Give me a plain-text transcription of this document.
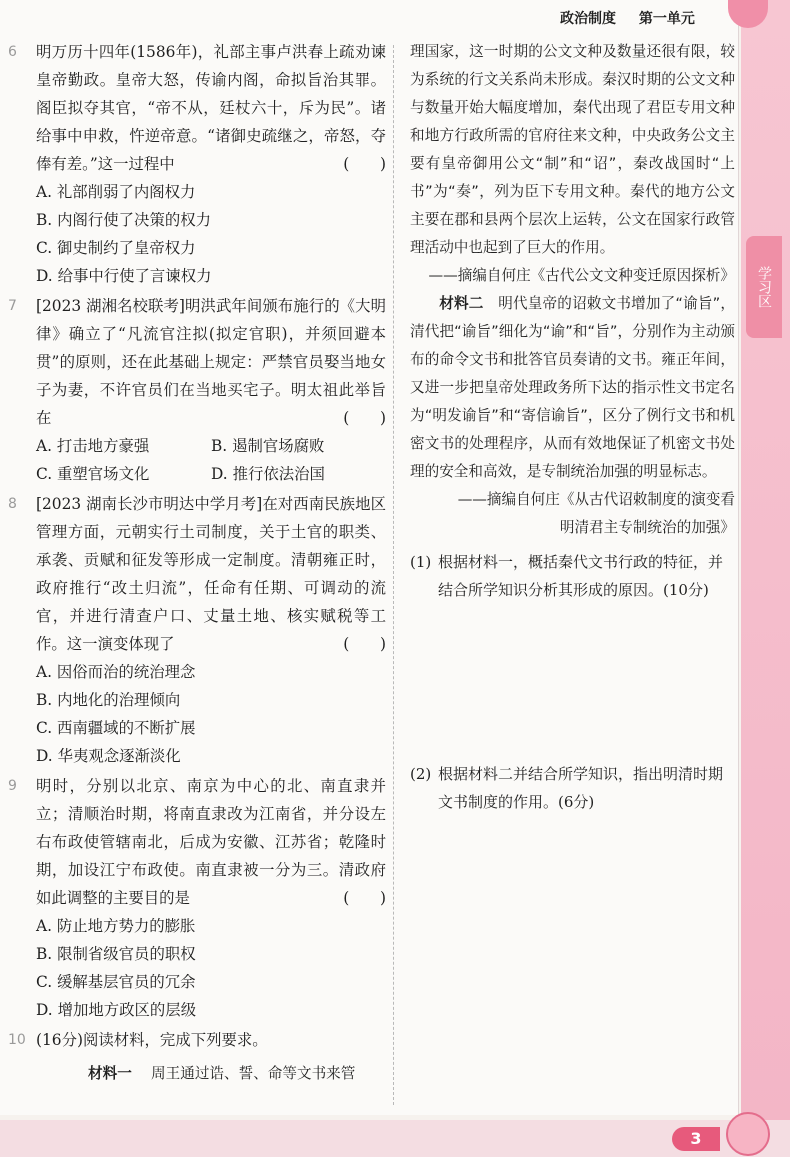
政治制度 第一单元
6 明万历十四年(1586年)，礼部主事卢洪春上疏劝谏皇帝勤政。皇帝大怒，传谕内阁，命拟旨治其罪。阁臣拟夺其官，“帝不从，廷杖六十，斥为民”。诸给事中申救，忤逆帝意。“诸御史疏继之，帝怒，夺俸有差。”这一过程中	(　　)
A. 礼部削弱了内阁权力
B. 内阁行使了决策的权力
C. 御史制约了皇帝权力
D. 给事中行使了言谏权力
7 [2023 湖湘名校联考]明洪武年间颁布施行的《大明律》确立了“凡流官注拟(拟定官职)，并须回避本贯”的原则，还在此基础上规定：严禁官员娶当地女子为妻，不许官员们在当地买宅子。明太祖此举旨在	(　　)
A. 打击地方豪强	B. 遏制官场腐败
C. 重塑官场文化	D. 推行依法治国
8 [2023 湖南长沙市明达中学月考]在对西南民族地区管理方面，元朝实行土司制度，关于土官的职类、承袭、贡赋和征发等形成一定制度。清朝雍正时，政府推行“改土归流”，任命有任期、可调动的流官，并进行清查户口、丈量土地、核实赋税等工作。这一演变体现了	(　　)
A. 因俗而治的统治理念
B. 内地化的治理倾向
C. 西南疆域的不断扩展
D. 华夷观念逐渐淡化
9 明时，分别以北京、南京为中心的北、南直隶并立；清顺治时期，将南直隶改为江南省，并分设左右布政使管辖南北，后成为安徽、江苏省；乾隆时期，加设江宁布政使。南直隶被一分为三。清政府如此调整的主要目的是	(　　)
A. 防止地方势力的膨胀
B. 限制省级官员的职权
C. 缓解基层官员的冗余
D. 增加地方政区的层级
10 (16分)阅读材料，完成下列要求。
材料一　 周王通过诰、誓、命等文书来管
理国家，这一时期的公文文种及数量还很有限，较为系统的行文关系尚未形成。秦汉时期的公文文种与数量开始大幅度增加，秦代出现了君臣专用文种和地方行政所需的官府往来文种，中央政务公文主要有皇帝御用公文“制”和“诏”，秦改战国时“上书”为“奏”，列为臣下专用文种。秦代的地方公文主要在郡和县两个层次上运转，公文在国家行政管理活动中也起到了巨大的作用。
——摘编自何庄《古代公文文种变迁原因探析》
材料二　 明代皇帝的诏敕文书增加了“谕旨”，清代把“谕旨”细化为“谕”和“旨”，分别作为主动颁布的命令文书和批答官员奏请的文书。雍正年间，又进一步把皇帝处理政务所下达的指示性文书定名为“明发谕旨”和“寄信谕旨”，区分了例行文书和机密文书的处理程序，从而有效地保证了机密文书处理的安全和高效，是专制统治加强的明显标志。
——摘编自何庄《从古代诏敕制度的演变看
明清君主专制统治的加强》
(1) 根据材料一，概括秦代文书行政的特征，并结合所学知识分析其形成的原因。(10分)
(2) 根据材料二并结合所学知识，指出明清时期文书制度的作用。(6分)
学习区
3
